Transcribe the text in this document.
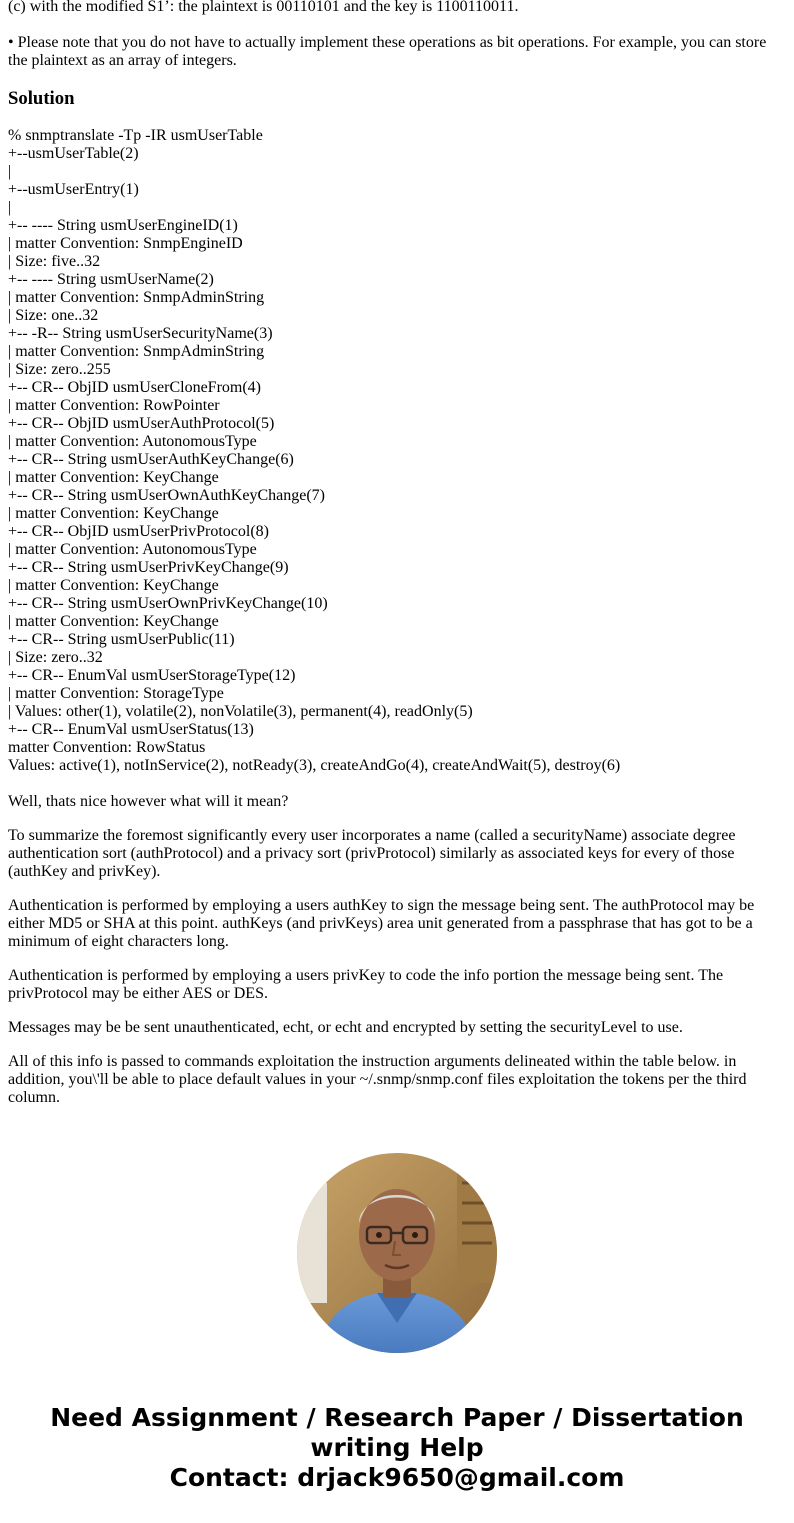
(c) with the modified S1’: the plaintext is 00110101 and the key is 1100110011.

• Please note that you do not have to actually implement these operations as bit operations. For example, you can store the plaintext as an array of integers.

Solution
% snmptranslate -Tp -IR usmUserTable
+--usmUserTable(2)
|
+--usmUserEntry(1)
|
+-- ---- String usmUserEngineID(1)
| matter Convention: SnmpEngineID
| Size: five..32
+-- ---- String usmUserName(2)
| matter Convention: SnmpAdminString
| Size: one..32
+-- -R-- String usmUserSecurityName(3)
| matter Convention: SnmpAdminString
| Size: zero..255
+-- CR-- ObjID usmUserCloneFrom(4)
| matter Convention: RowPointer
+-- CR-- ObjID usmUserAuthProtocol(5)
| matter Convention: AutonomousType
+-- CR-- String usmUserAuthKeyChange(6)
| matter Convention: KeyChange
+-- CR-- String usmUserOwnAuthKeyChange(7)
| matter Convention: KeyChange
+-- CR-- ObjID usmUserPrivProtocol(8)
| matter Convention: AutonomousType
+-- CR-- String usmUserPrivKeyChange(9)
| matter Convention: KeyChange
+-- CR-- String usmUserOwnPrivKeyChange(10)
| matter Convention: KeyChange
+-- CR-- String usmUserPublic(11)
| Size: zero..32
+-- CR-- EnumVal usmUserStorageType(12)
| matter Convention: StorageType
| Values: other(1), volatile(2), nonVolatile(3), permanent(4), readOnly(5)
+-- CR-- EnumVal usmUserStatus(13)
matter Convention: RowStatus
Values: active(1), notInService(2), notReady(3), createAndGo(4), createAndWait(5), destroy(6)

Well, thats nice however what will it mean?

To summarize the foremost significantly every user incorporates a name (called a securityName) associate degree authentication sort (authProtocol) and a privacy sort (privProtocol) similarly as associated keys for every of those (authKey and privKey).

Authentication is performed by employing a users authKey to sign the message being sent. The authProtocol may be either MD5 or SHA at this point. authKeys (and privKeys) area unit generated from a passphrase that has got to be a minimum of eight characters long.

Authentication is performed by employing a users privKey to code the info portion the message being sent. The privProtocol may be either AES or DES.

Messages may be be sent unauthenticated, echt, or echt and encrypted by setting the securityLevel to use.

All of this info is passed to commands exploitation the instruction arguments delineated within the table below. in addition, you\'ll be able to place default values in your ~/.snmp/snmp.conf files exploitation the tokens per the third column.

Need Assignment / Research Paper / Dissertation
writing Help
Contact: drjack9650@gmail.com
